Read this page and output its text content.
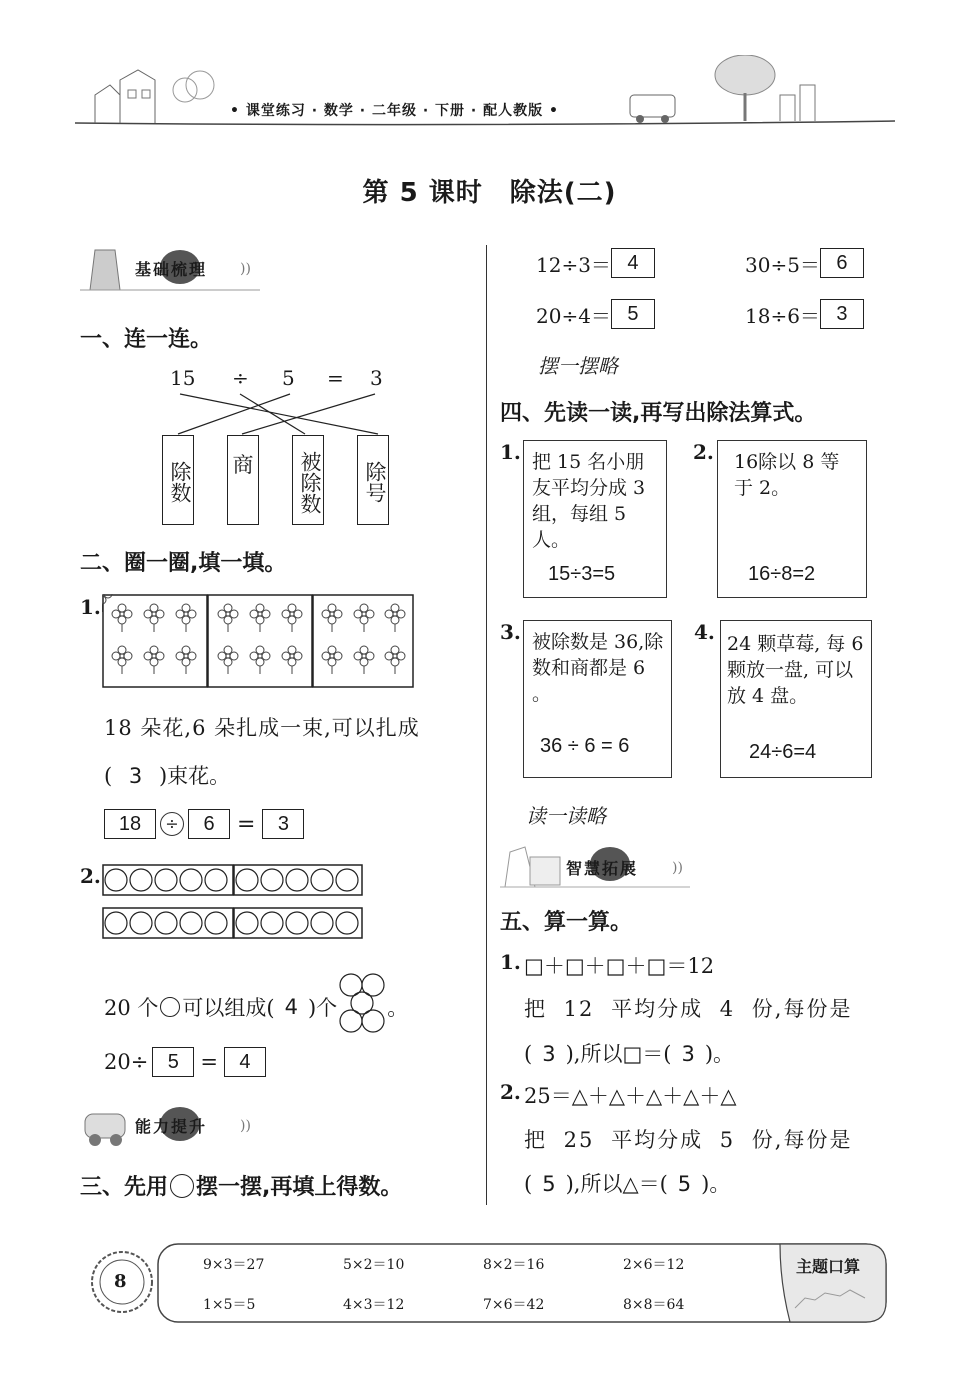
• 课堂练习 · 数学 · 二年级 · 下册 · 配人教版 •
第 5 课时　除法(二)
))
基础梳理
一、连一连。
15 ÷ 5 = 3
除数 商 被除数 除号
二、圈一圈,填一填。
1.
18 朵花,6 朵扎成一束,可以扎成
( 3 )束花。
18	÷	6	=	3
2.
20 个 可以组成( 4 )个 。
20÷ 5	=	4
))
能力提升
三、先用 摆一摆,再填上得数。
12÷3＝ 4	30÷5＝ 6
20÷4＝ 5	18÷6＝ 3
摆一摆略
四、先读一读,再写出除法算式。
1. 把 15 名小朋友平均分成 3组，每组 5人。
15÷3=5
2. 16除以 8 等于 2。
16÷8=2
3. 被除数是 36,除数和商都是 6 。
36 ÷ 6 = 6
4. 24 颗草莓, 每 6 颗放一盘, 可以放 4 盘。
24÷6=4
读一读略
))
智慧拓展
五、算一算。
1. □＋□＋□＋□＝12
把 12 平均分成 4 份,每份是
( 3 ),所以□＝( 3 )。
2. 25＝△＋△＋△＋△＋△
把 25 平均分成 5 份,每份是
( 5 ),所以△＝( 5 )。
8
主题口算
9×3＝27	5×2＝10	8×2＝16	2×6＝12
1×5＝5	4×3＝12	7×6＝42	8×8＝64
